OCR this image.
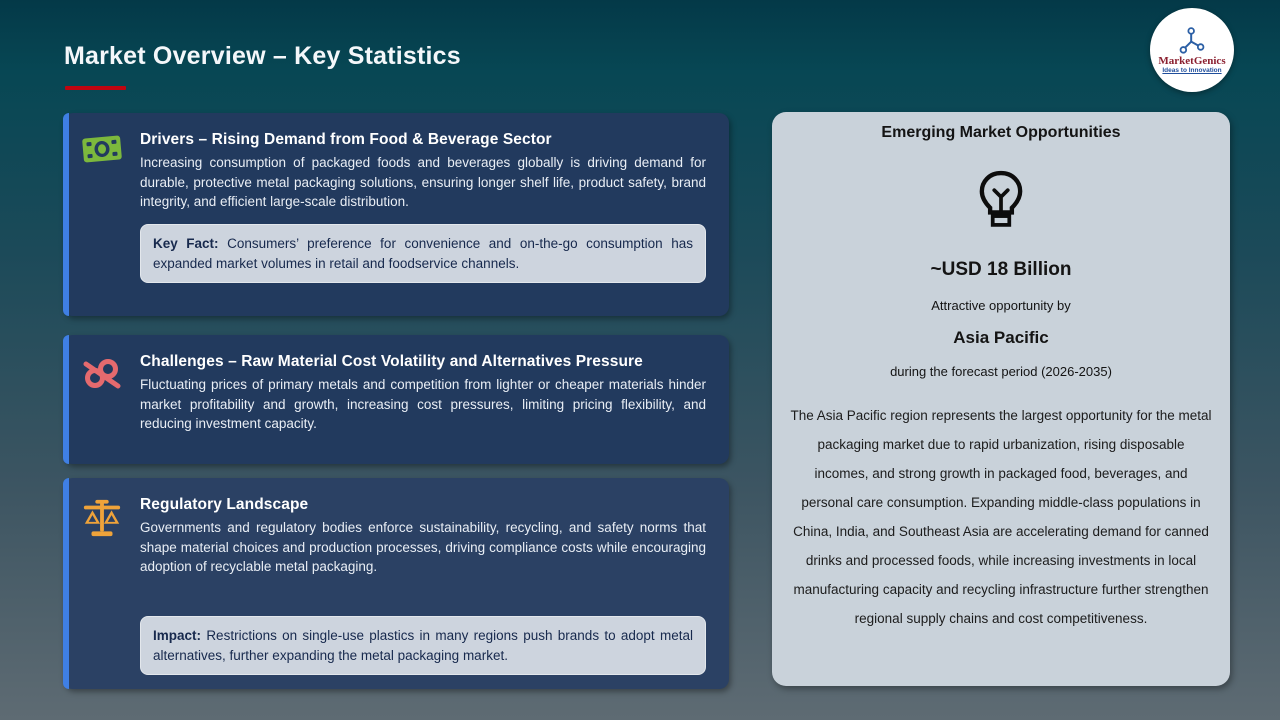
Market Overview – Key Statistics	MarketGenics
Ideas to Innovation
Drivers – Rising Demand from Food & Beverage Sector

Increasing consumption of packaged foods and beverages globally is driving demand for durable, protective metal packaging solutions, ensuring longer shelf life, product safety, brand integrity, and efficient large-scale distribution.

Key Fact: Consumers’ preference for convenience and on-the-go consumption has expanded market volumes in retail and foodservice channels.
Challenges – Raw Material Cost Volatility and Alternatives Pressure

Fluctuating prices of primary metals and competition from lighter or cheaper materials hinder market profitability and growth, increasing cost pressures, limiting pricing flexibility, and reducing investment capacity.

Regulatory Landscape

Governments and regulatory bodies enforce sustainability, recycling, and safety norms that shape material choices and production processes, driving compliance costs while encouraging adoption of recyclable metal packaging.

Impact: Restrictions on single-use plastics in many regions push brands to adopt metal alternatives, further expanding the metal packaging market.
Emerging Market Opportunities
~USD 18 Billion
Attractive opportunity by
Asia Pacific
during the forecast period (2026-2035)

The Asia Pacific region represents the largest opportunity for the metal packaging market due to rapid urbanization, rising disposable incomes, and strong growth in packaged food, beverages, and personal care consumption. Expanding middle-class populations in China, India, and Southeast Asia are accelerating demand for canned drinks and processed foods, while increasing investments in local manufacturing capacity and recycling infrastructure further strengthen regional supply chains and cost competitiveness.
